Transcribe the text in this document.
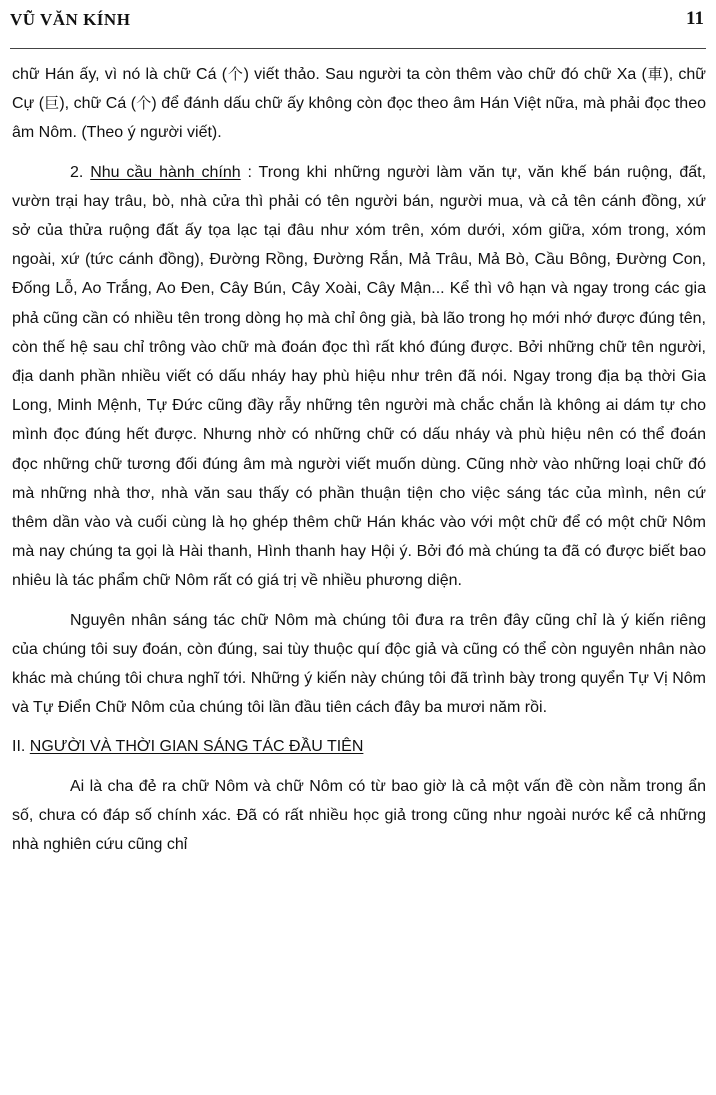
VŨ VĂN KÍNH	11

chữ Hán ấy, vì nó là chữ Cá (个) viết thảo. Sau người ta còn thêm vào chữ đó chữ Xa (車), chữ Cự (巨), chữ Cá (个) để đánh dấu chữ ấy không còn đọc theo âm Hán Việt nữa, mà phải đọc theo âm Nôm. (Theo ý người viết).

2. Nhu cầu hành chính : Trong khi những người làm văn tự, văn khế bán ruộng, đất, vườn trại hay trâu, bò, nhà cửa thì phải có tên người bán, người mua, và cả tên cánh đồng, xứ sở của thửa ruộng đất ấy tọa lạc tại đâu như xóm trên, xóm dưới, xóm giữa, xóm trong, xóm ngoài, xứ (tức cánh đồng), Đường Rồng, Đường Rắn, Mả Trâu, Mả Bò, Cầu Bông, Đường Con, Đống Lỗ, Ao Trắng, Ao Đen, Cây Bún, Cây Xoài, Cây Mận... Kể thì vô hạn và ngay trong các gia phả cũng cần có nhiều tên trong dòng họ mà chỉ ông già, bà lão trong họ mới nhớ được đúng tên, còn thế hệ sau chỉ trông vào chữ mà đoán đọc thì rất khó đúng được. Bởi những chữ tên người, địa danh phần nhiều viết có dấu nháy hay phù hiệu như trên đã nói. Ngay trong địa bạ thời Gia Long, Minh Mệnh, Tự Đức cũng đầy rẫy những tên người mà chắc chắn là không ai dám tự cho mình đọc đúng hết được. Nhưng nhờ có những chữ có dấu nháy và phù hiệu nên có thể đoán đọc những chữ tương đối đúng âm mà người viết muốn dùng. Cũng nhờ vào những loại chữ đó mà những nhà thơ, nhà văn sau thấy có phần thuận tiện cho việc sáng tác của mình, nên cứ thêm dần vào và cuối cùng là họ ghép thêm chữ Hán khác vào với một chữ để có một chữ Nôm mà nay chúng ta gọi là Hài thanh, Hình thanh hay Hội ý. Bởi đó mà chúng ta đã có được biết bao nhiêu là tác phẩm chữ Nôm rất có giá trị về nhiều phương diện.

Nguyên nhân sáng tác chữ Nôm mà chúng tôi đưa ra trên đây cũng chỉ là ý kiến riêng của chúng tôi suy đoán, còn đúng, sai tùy thuộc quí độc giả và cũng có thể còn nguyên nhân nào khác mà chúng tôi chưa nghĩ tới. Những ý kiến này chúng tôi đã trình bày trong quyển Tự Vị Nôm và Tự Điển Chữ Nôm của chúng tôi lần đầu tiên cách đây ba mươi năm rồi.

II. NGƯỜI VÀ THỜI GIAN SÁNG TÁC ĐẦU TIÊN

Ai là cha đẻ ra chữ Nôm và chữ Nôm có từ bao giờ là cả một vấn đề còn nằm trong ẩn số, chưa có đáp số chính xác. Đã có rất nhiều học giả trong cũng như ngoài nước kể cả những nhà nghiên cứu cũng chỉ
